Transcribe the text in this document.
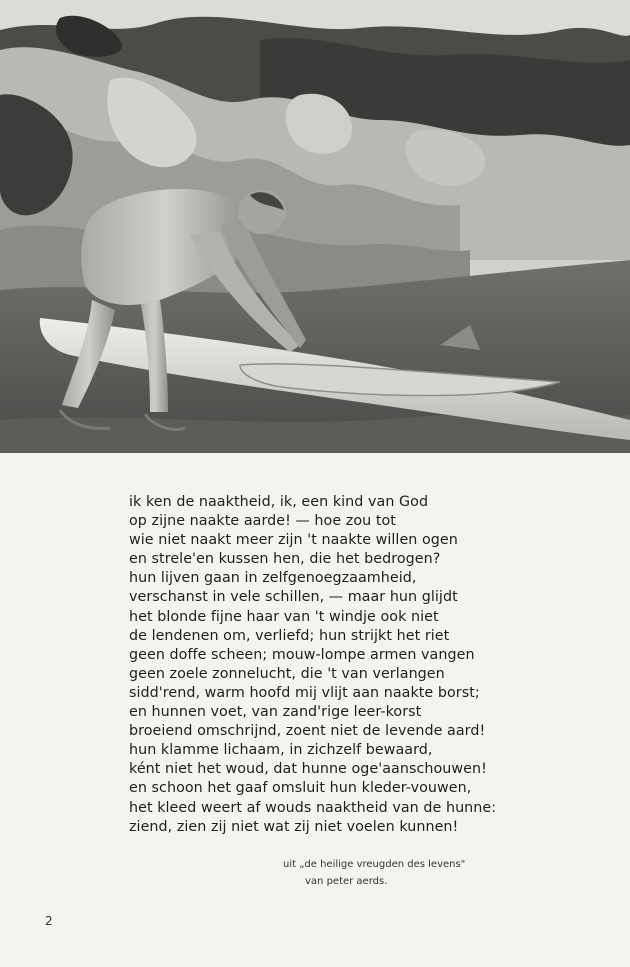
ik ken de naaktheid, ik, een kind van God
op zijne naakte aarde! — hoe zou tot
wie niet naakt meer zijn 't naakte willen ogen
en strele'en kussen hen, die het bedrogen?
hun lijven gaan in zelfgenoegzaamheid,
verschanst in vele schillen, — maar hun glijdt
het blonde fijne haar van 't windje ook niet
de lendenen om, verliefd; hun strijkt het riet
geen doffe scheen; mouw-lompe armen vangen
geen zoele zonnelucht, die 't van verlangen
sidd'rend, warm hoofd mij vlijt aan naakte borst;
en hunnen voet, van zand'rige leer-korst
broeiend omschrijnd, zoent niet de levende aard!
hun klamme lichaam, in zichzelf bewaard,
ként niet het woud, dat hunne oge'aanschouwen!
en schoon het gaaf omsluit hun kleder-vouwen,
het kleed weert af wouds naaktheid van de hunne:
ziend, zien zij niet wat zij niet voelen kunnen!
uit „de heilige vreugden des levens"
van peter aerds.
2
